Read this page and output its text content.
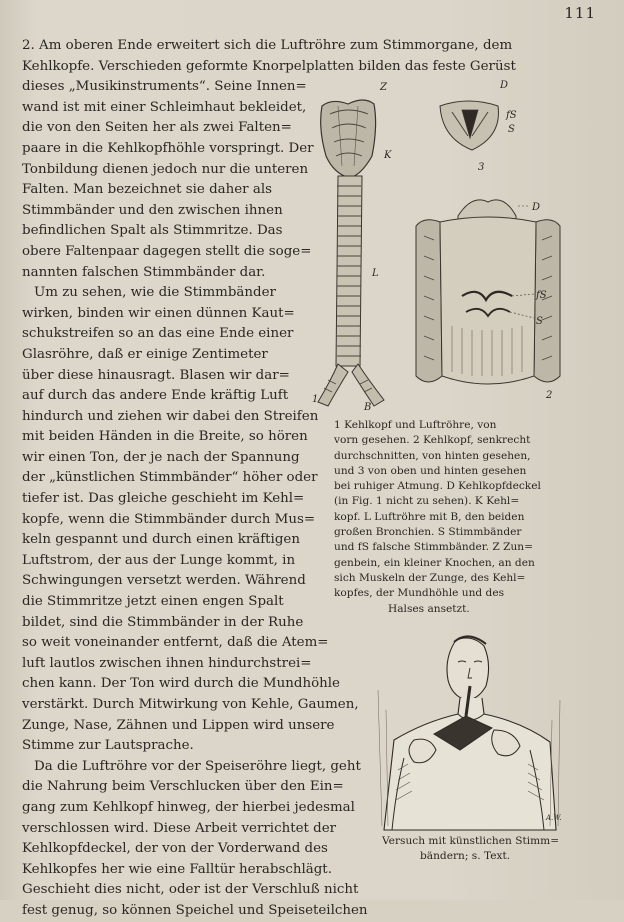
111
2. Am oberen Ende erweitert sich die Luftröhre zum Stimmorgane, dem
Kehlkopfe. Verschieden geformte Knorpelplatten bilden das feste Gerüst
dieses „Musikinstruments“. Seine Innen=
wand ist mit einer Schleimhaut bekleidet,
die von den Seiten her als zwei Falten=
paare in die Kehlkopfhöhle vorspringt. Der
Tonbildung dienen jedoch nur die unteren
Falten. Man bezeichnet sie daher als
Stimmbänder und den zwischen ihnen
befindlichen Spalt als Stimmritze. Das
obere Faltenpaar dagegen stellt die soge=
nannten falschen Stimmbänder dar.
Um zu sehen, wie die Stimmbänder
wirken, binden wir einen dünnen Kaut=
schukstreifen so an das eine Ende einer
Glasröhre, daß er einige Zentimeter
über diese hinausragt. Blasen wir dar=
auf durch das andere Ende kräftig Luft
hindurch und ziehen wir dabei den Streifen
mit beiden Händen in die Breite, so hören
wir einen Ton, der je nach der Spannung
der „künstlichen Stimmbänder“ höher oder
tiefer ist. Das gleiche geschieht im Kehl=
kopfe, wenn die Stimmbänder durch Mus=
keln gespannt und durch einen kräftigen
Luftstrom, der aus der Lunge kommt, in
Schwingungen versetzt werden. Während
die Stimmritze jetzt einen engen Spalt
bildet, sind die Stimmbänder in der Ruhe
so weit voneinander entfernt, daß die Atem=
luft lautlos zwischen ihnen hindurchstrei=
chen kann. Der Ton wird durch die Mundhöhle
verstärkt. Durch Mitwirkung von Kehle, Gaumen,
Zunge, Nase, Zähnen und Lippen wird unsere
Stimme zur Lautsprache.
Da die Luftröhre vor der Speiseröhre liegt, geht
die Nahrung beim Verschlucken über den Ein=
gang zum Kehlkopf hinweg, der hierbei jedesmal
verschlossen wird. Diese Arbeit verrichtet der
Kehlkopfdeckel, der von der Vorderwand des
Kehlkopfes her wie eine Falltür herabschlägt.
Geschieht dies nicht, oder ist der Verschluß nicht
fest genug, so können Speichel und Speiseteilchen
Z
K
L
B
1
D
fS
S
3
D
fS
S
2
1 Kehlkopf und Luftröhre, von
vorn gesehen. 2 Kehlkopf, senkrecht
durchschnitten, von hinten gesehen,
und 3 von oben und hinten gesehen
bei ruhiger Atmung. D Kehlkopfdeckel
(in Fig. 1 nicht zu sehen). K Kehl=
kopf. L Luftröhre mit B, den beiden
großen Bronchien. S Stimmbänder
und fS falsche Stimmbänder. Z Zun=
genbein, ein kleiner Knochen, an den
sich Muskeln der Zunge, des Kehl=
kopfes, der Mundhöhle und des
Halses ansetzt.
A.W.
Versuch mit künstlichen Stimm=
bändern; s. Text.
